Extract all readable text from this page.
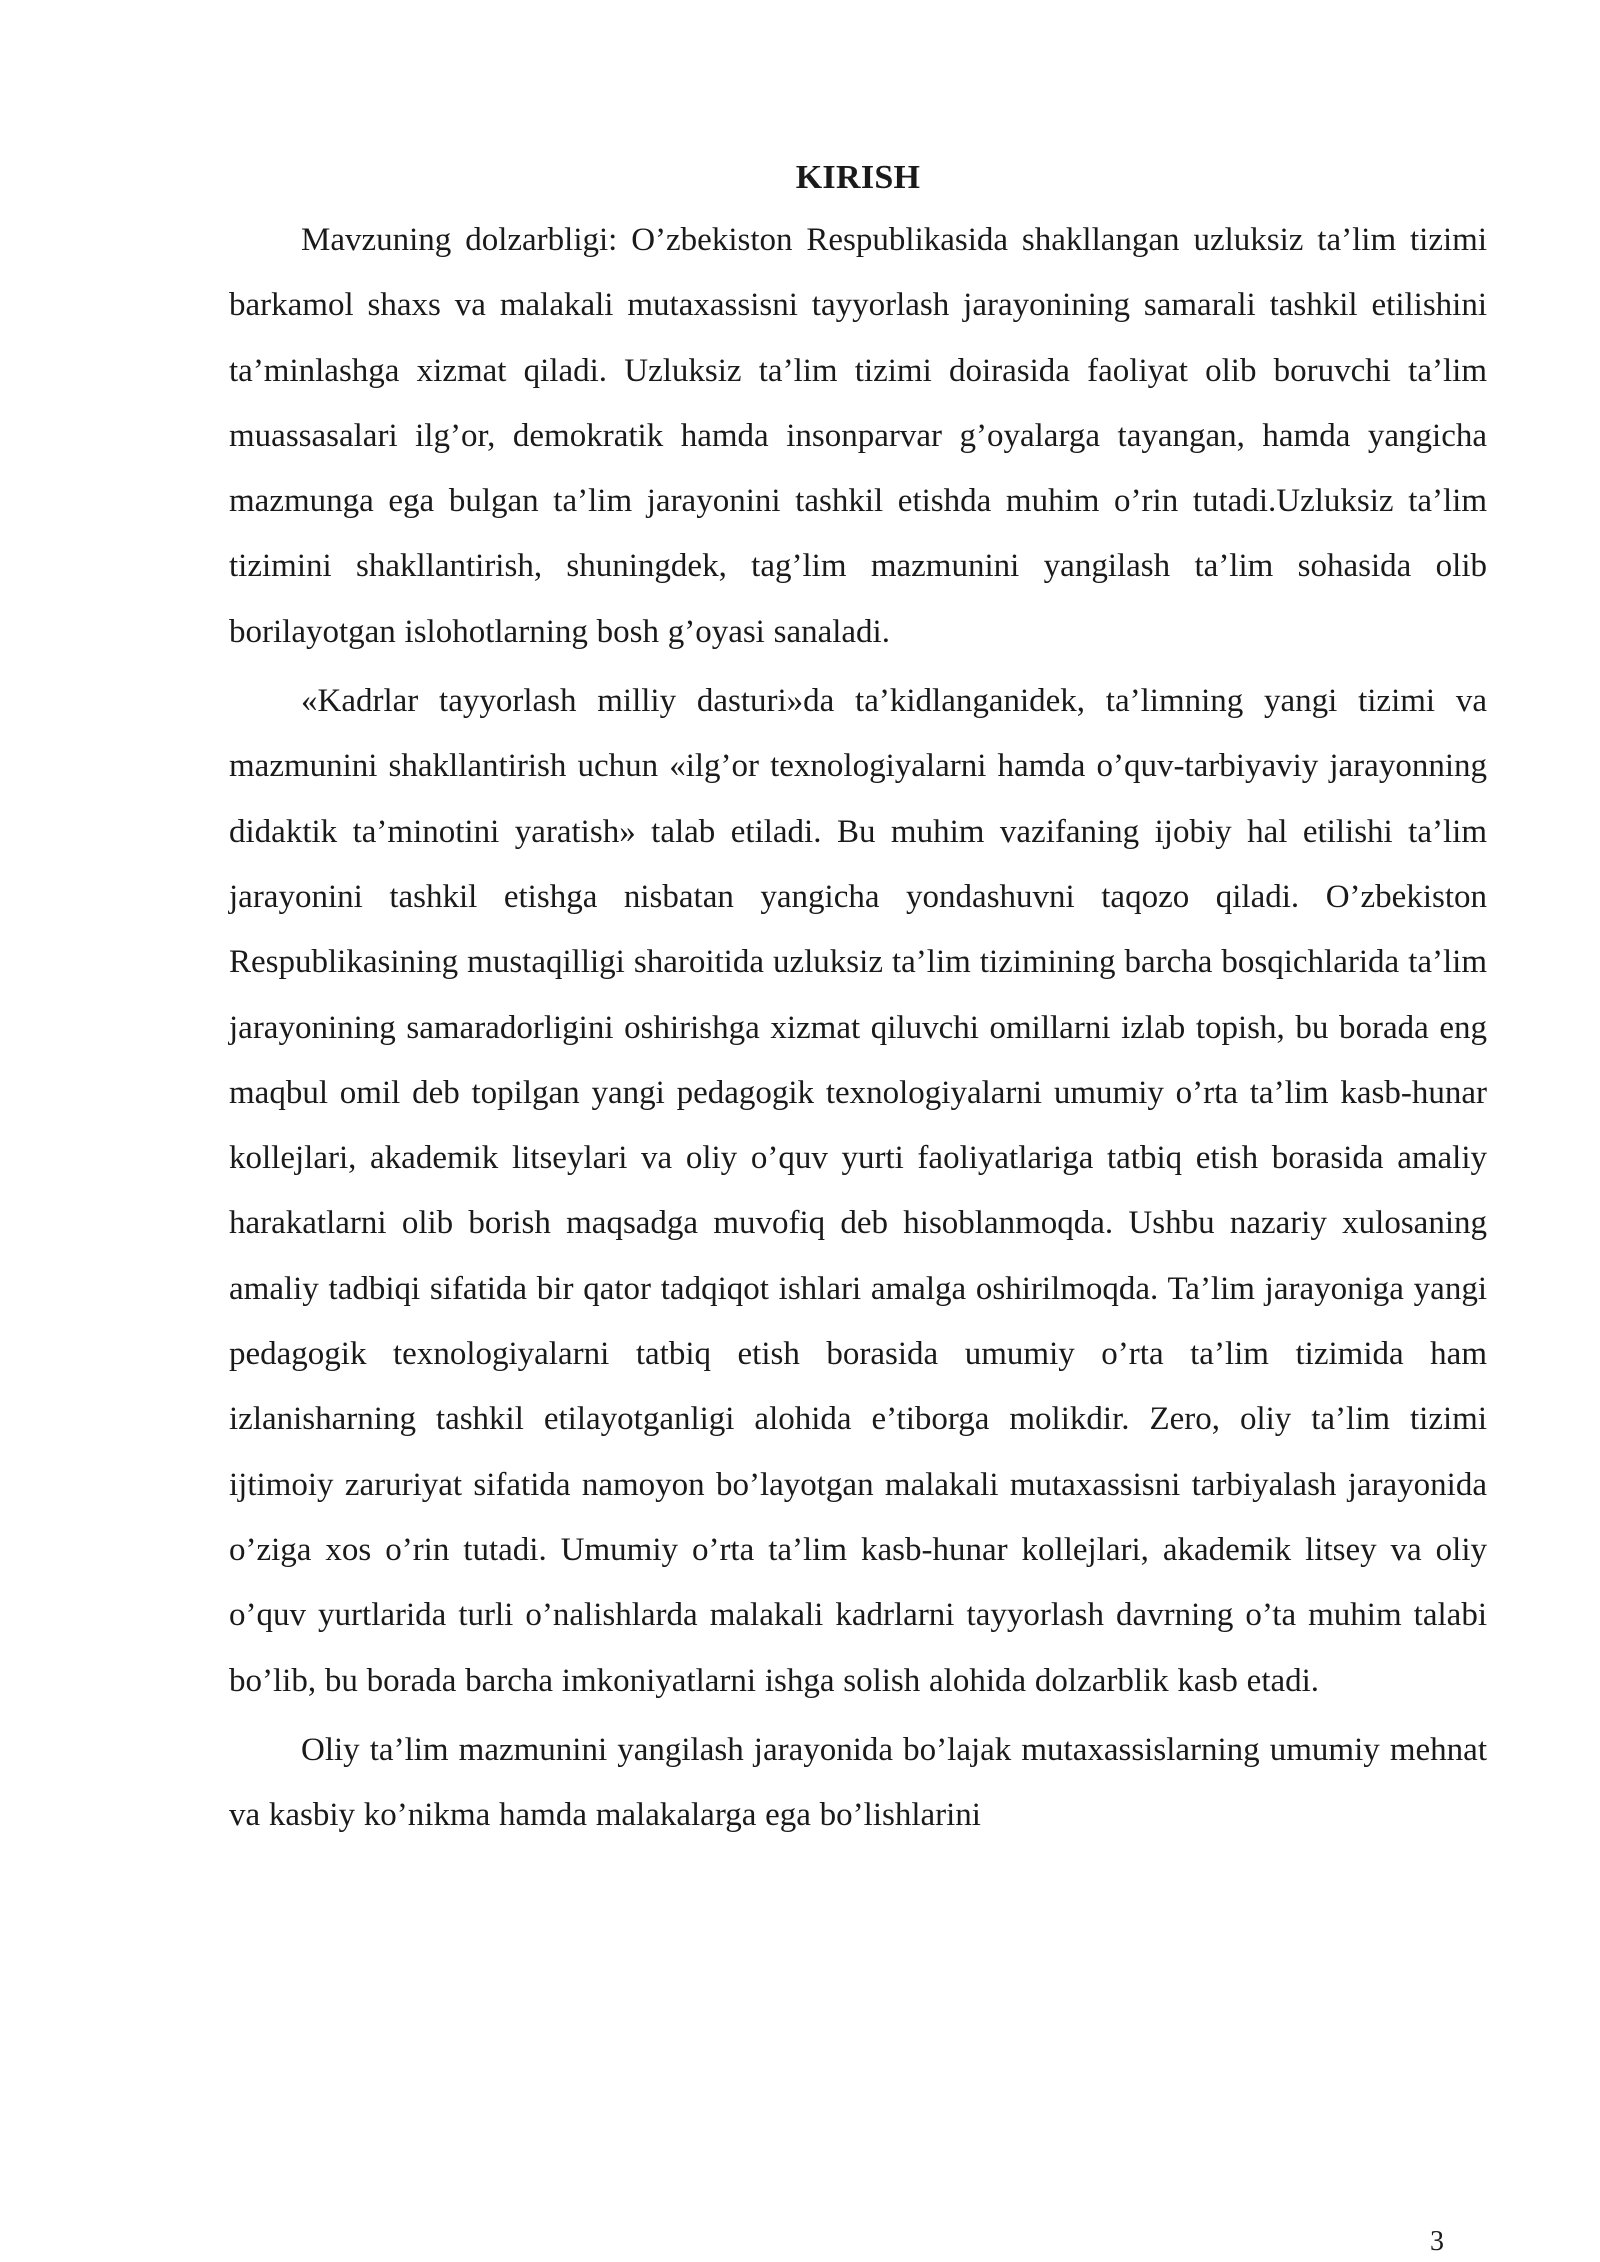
KIRISH

Mavzuning dolzarbligi: O’zbekiston Respublikasida shakllangan uzluksiz ta’lim tizimi barkamol shaxs va malakali mutaxassisni tayyorlash jarayonining samarali tashkil etilishini ta’minlashga xizmat qiladi. Uzluksiz ta’lim tizimi doirasida faoliyat olib boruvchi ta’lim muassasalari ilg’or, demokratik hamda insonparvar g’oyalarga tayangan, hamda yangicha mazmunga ega bulgan ta’lim jarayonini tashkil etishda muhim o’rin tutadi.Uzluksiz ta’lim tizimini shakllantirish, shuningdek, tag’lim mazmunini yangilash ta’lim sohasida olib borilayotgan islohotlarning bosh g’oyasi sanaladi.

«Kadrlar tayyorlash milliy dasturi»da ta’kidlanganidek, ta’limning yangi tizimi va mazmunini shakllantirish uchun «ilg’or texnologiyalarni hamda o’quv-tarbiyaviy jarayonning didaktik ta’minotini yaratish» talab etiladi. Bu muhim vazifaning ijobiy hal etilishi ta’lim jarayonini tashkil etishga nisbatan yangicha yondashuvni taqozo qiladi. O’zbekiston Respublikasining mustaqilligi sharoitida uzluksiz ta’lim tizimining barcha bosqichlarida ta’lim jarayonining samaradorligini oshirishga xizmat qiluvchi omillarni izlab topish, bu borada eng maqbul omil deb topilgan yangi pedagogik texnologiyalarni umumiy o’rta ta’lim kasb-hunar kollejlari, akademik litseylari va oliy o’quv yurti faoliyatlariga tatbiq etish borasida amaliy harakatlarni olib borish maqsadga muvofiq deb hisoblanmoqda. Ushbu nazariy xulosaning amaliy tadbiqi sifatida bir qator tadqiqot ishlari amalga oshirilmoqda. Ta’lim jarayoniga yangi pedagogik texnologiyalarni tatbiq etish borasida umumiy o’rta ta’lim tizimida ham izlanisharning tashkil etilayotganligi alohida e’tiborga molikdir. Zero, oliy ta’lim tizimi ijtimoiy zaruriyat sifatida namoyon bo’layotgan malakali mutaxassisni tarbiyalash jarayonida o’ziga xos o’rin tutadi. Umumiy o’rta ta’lim kasb-hunar kollejlari, akademik litsey va oliy o’quv yurtlarida turli o’nalishlarda malakali kadrlarni tayyorlash davrning o’ta muhim talabi bo’lib, bu borada barcha imkoniyatlarni ishga solish alohida dolzarblik kasb etadi.

Oliy ta’lim mazmunini yangilash jarayonida bo’lajak mutaxassislarning umumiy mehnat va kasbiy ko’nikma hamda malakalarga ega bo’lishlarini

3
